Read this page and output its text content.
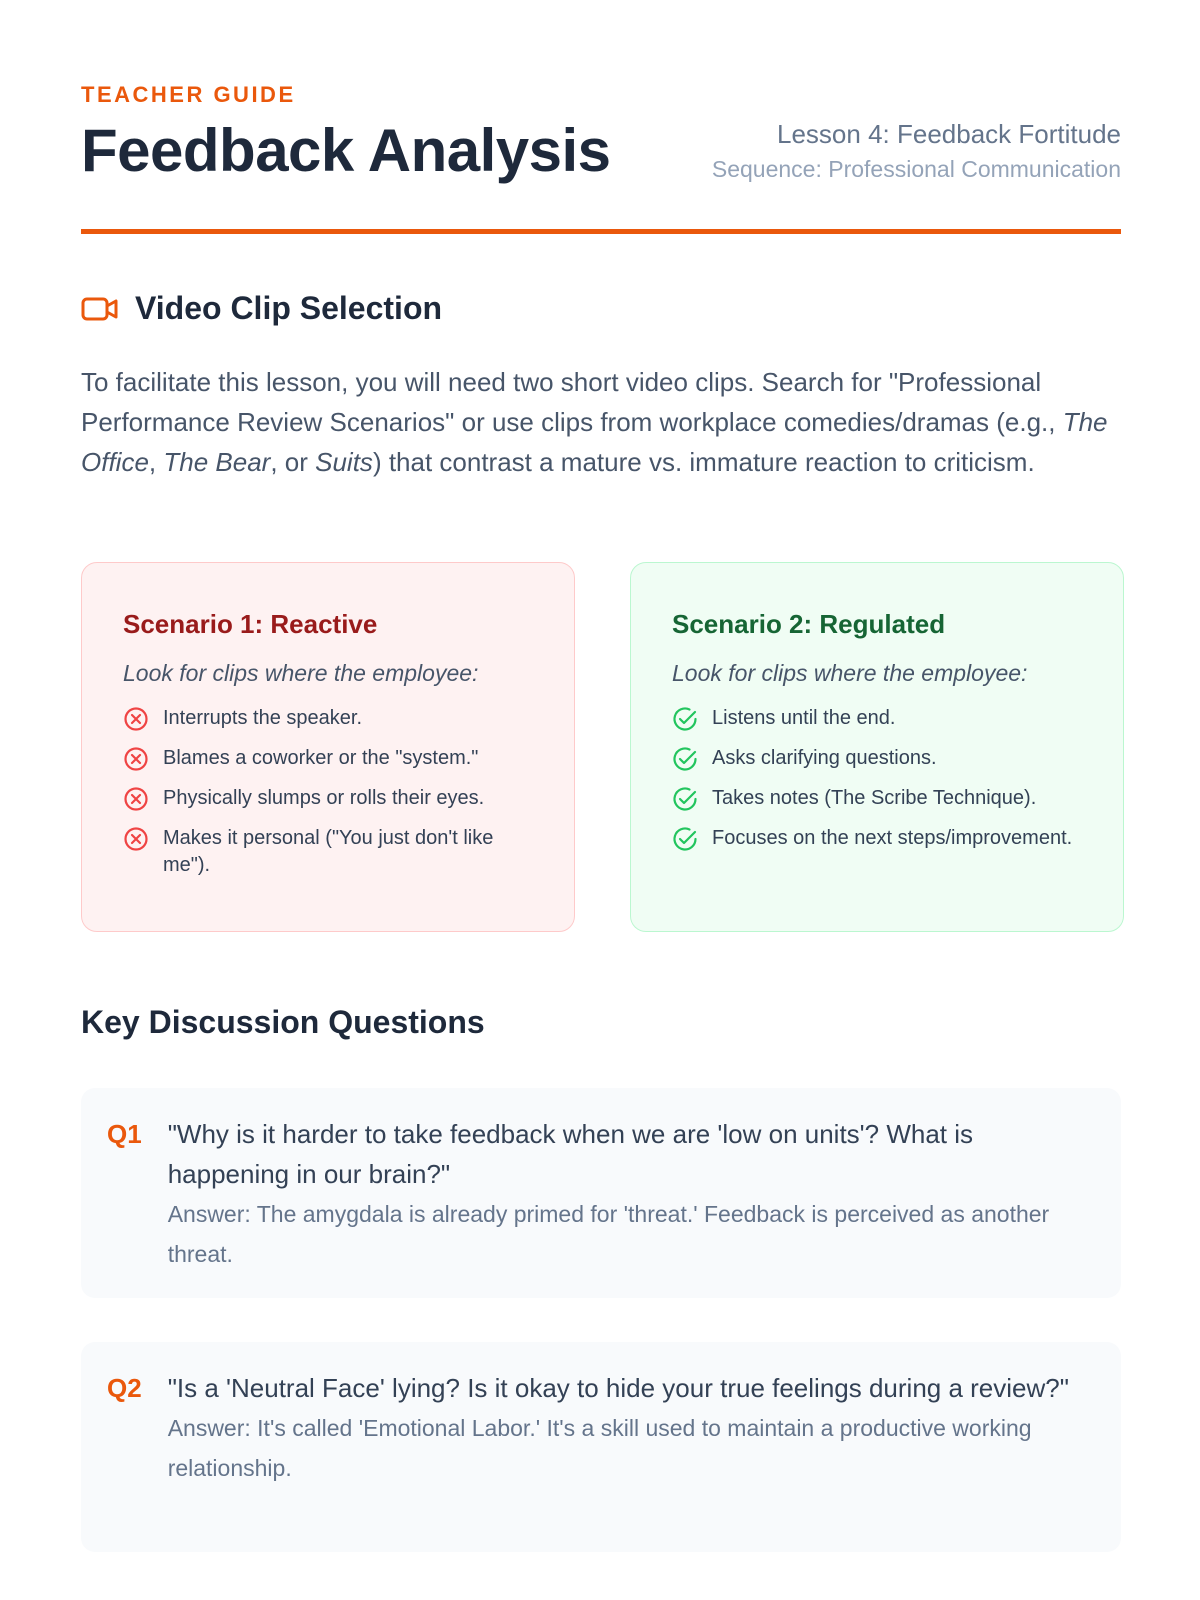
TEACHER GUIDE
Feedback Analysis	Lesson 4: Feedback Fortitude
Sequence: Professional Communication
Video Clip Selection

To facilitate this lesson, you will need two short video clips. Search for "Professional Performance Review Scenarios" or use clips from workplace comedies/dramas (e.g., The Office, The Bear, or Suits) that contrast a mature vs. immature reaction to criticism.

Scenario 1: Reactive

Look for clips where the employee:

Interrupts the speaker.
Blames a coworker or the "system."
Physically slumps or rolls their eyes.
Makes it personal ("You just don't like me").
Scenario 2: Regulated

Look for clips where the employee:

Listens until the end.
Asks clarifying questions.
Takes notes (The Scribe Technique).
Focuses on the next steps/improvement.
Key Discussion Questions
Q1 "Why is it harder to take feedback when we are 'low on units'? What is happening in our brain?"
Answer: The amygdala is already primed for 'threat.' Feedback is perceived as another threat.
Q2 "Is a 'Neutral Face' lying? Is it okay to hide your true feelings during a review?"
Answer: It's called 'Emotional Labor.' It's a skill used to maintain a productive working relationship.
